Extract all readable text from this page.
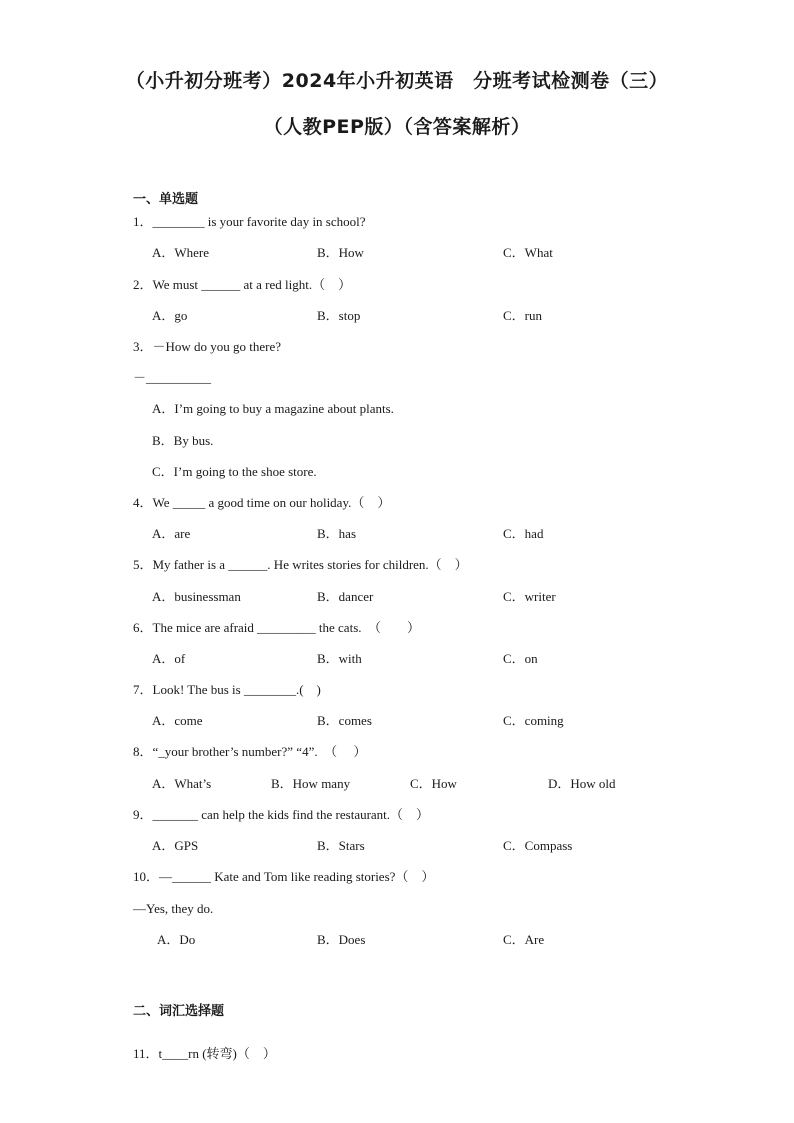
（小升初分班考）2024年小升初英语　分班考试检测卷（三）
（人教PEP版）（含答案解析）
一、单选题
1．________ is your favorite day in school?
A．Where	B．How	C．What
2．We must ______ at a red light.（　）
A．go	B．stop	C．run
3．－How do you go there?
－__________
A．I’m going to buy a magazine about plants.
B．By bus.
C．I’m going to the shoe store.
4．We _____ a good time on our holiday.（　）
A．are	B．has	C．had
5．My father is a ______. He writes stories for children.（　）
A．businessman	B．dancer	C．writer
6．The mice are afraid _________ the cats.　（　　）
A．of	B．with	C．on
7．Look! The bus is ________.(　)
A．come	B．comes	C．coming
8．“_your brother’s number?” “4”.　（　 ）
A．What’s	B．How many	C．How	D．How old
9．_______ can help the kids find the restaurant.（　）
A．GPS	B．Stars	C．Compass
10．—______ Kate and Tom like reading stories?（　）
—Yes, they do.
A．Do	B．Does	C．Are
二、词汇选择题
11．t____rn (转弯)（　）
